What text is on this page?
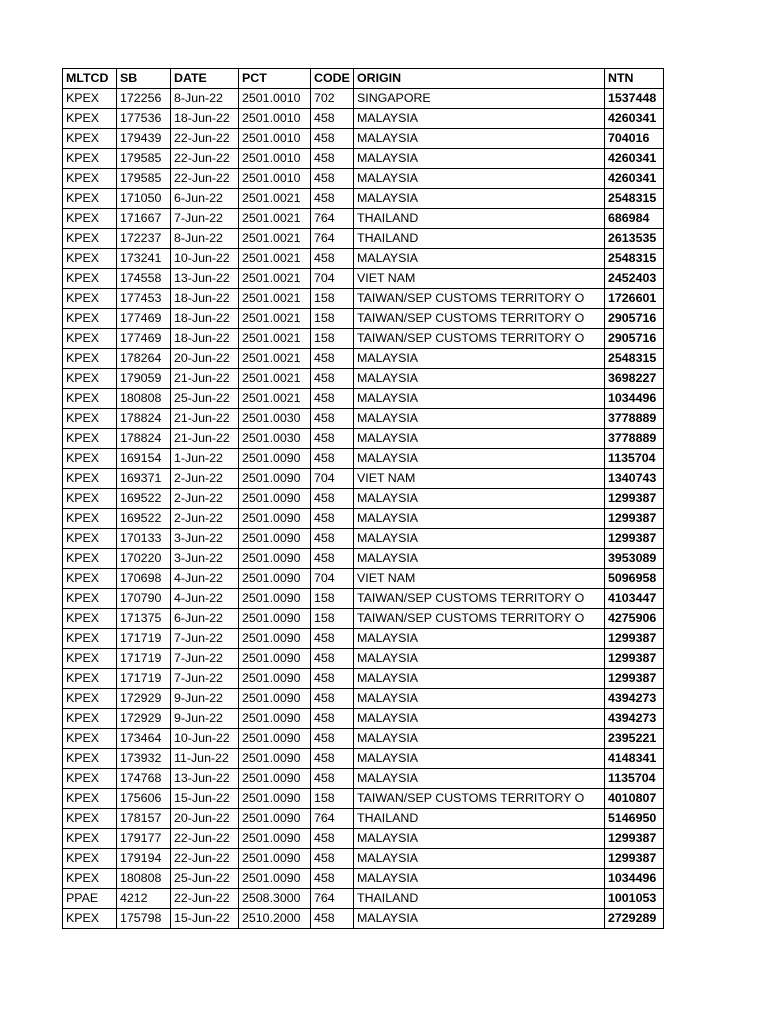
MLTCD	SB	DATE	PCT	CODE	ORIGIN	NTN
KPEX	172256	8-Jun-22	2501.0010	702	SINGAPORE	1537448
KPEX	177536	18-Jun-22	2501.0010	458	MALAYSIA	4260341
KPEX	179439	22-Jun-22	2501.0010	458	MALAYSIA	704016
KPEX	179585	22-Jun-22	2501.0010	458	MALAYSIA	4260341
KPEX	179585	22-Jun-22	2501.0010	458	MALAYSIA	4260341
KPEX	171050	6-Jun-22	2501.0021	458	MALAYSIA	2548315
KPEX	171667	7-Jun-22	2501.0021	764	THAILAND	686984
KPEX	172237	8-Jun-22	2501.0021	764	THAILAND	2613535
KPEX	173241	10-Jun-22	2501.0021	458	MALAYSIA	2548315
KPEX	174558	13-Jun-22	2501.0021	704	VIET NAM	2452403
KPEX	177453	18-Jun-22	2501.0021	158	TAIWAN/SEP CUSTOMS TERRITORY O	1726601
KPEX	177469	18-Jun-22	2501.0021	158	TAIWAN/SEP CUSTOMS TERRITORY O	2905716
KPEX	177469	18-Jun-22	2501.0021	158	TAIWAN/SEP CUSTOMS TERRITORY O	2905716
KPEX	178264	20-Jun-22	2501.0021	458	MALAYSIA	2548315
KPEX	179059	21-Jun-22	2501.0021	458	MALAYSIA	3698227
KPEX	180808	25-Jun-22	2501.0021	458	MALAYSIA	1034496
KPEX	178824	21-Jun-22	2501.0030	458	MALAYSIA	3778889
KPEX	178824	21-Jun-22	2501.0030	458	MALAYSIA	3778889
KPEX	169154	1-Jun-22	2501.0090	458	MALAYSIA	1135704
KPEX	169371	2-Jun-22	2501.0090	704	VIET NAM	1340743
KPEX	169522	2-Jun-22	2501.0090	458	MALAYSIA	1299387
KPEX	169522	2-Jun-22	2501.0090	458	MALAYSIA	1299387
KPEX	170133	3-Jun-22	2501.0090	458	MALAYSIA	1299387
KPEX	170220	3-Jun-22	2501.0090	458	MALAYSIA	3953089
KPEX	170698	4-Jun-22	2501.0090	704	VIET NAM	5096958
KPEX	170790	4-Jun-22	2501.0090	158	TAIWAN/SEP CUSTOMS TERRITORY O	4103447
KPEX	171375	6-Jun-22	2501.0090	158	TAIWAN/SEP CUSTOMS TERRITORY O	4275906
KPEX	171719	7-Jun-22	2501.0090	458	MALAYSIA	1299387
KPEX	171719	7-Jun-22	2501.0090	458	MALAYSIA	1299387
KPEX	171719	7-Jun-22	2501.0090	458	MALAYSIA	1299387
KPEX	172929	9-Jun-22	2501.0090	458	MALAYSIA	4394273
KPEX	172929	9-Jun-22	2501.0090	458	MALAYSIA	4394273
KPEX	173464	10-Jun-22	2501.0090	458	MALAYSIA	2395221
KPEX	173932	11-Jun-22	2501.0090	458	MALAYSIA	4148341
KPEX	174768	13-Jun-22	2501.0090	458	MALAYSIA	1135704
KPEX	175606	15-Jun-22	2501.0090	158	TAIWAN/SEP CUSTOMS TERRITORY O	4010807
KPEX	178157	20-Jun-22	2501.0090	764	THAILAND	5146950
KPEX	179177	22-Jun-22	2501.0090	458	MALAYSIA	1299387
KPEX	179194	22-Jun-22	2501.0090	458	MALAYSIA	1299387
KPEX	180808	25-Jun-22	2501.0090	458	MALAYSIA	1034496
PPAE	4212	22-Jun-22	2508.3000	764	THAILAND	1001053
KPEX	175798	15-Jun-22	2510.2000	458	MALAYSIA	2729289
